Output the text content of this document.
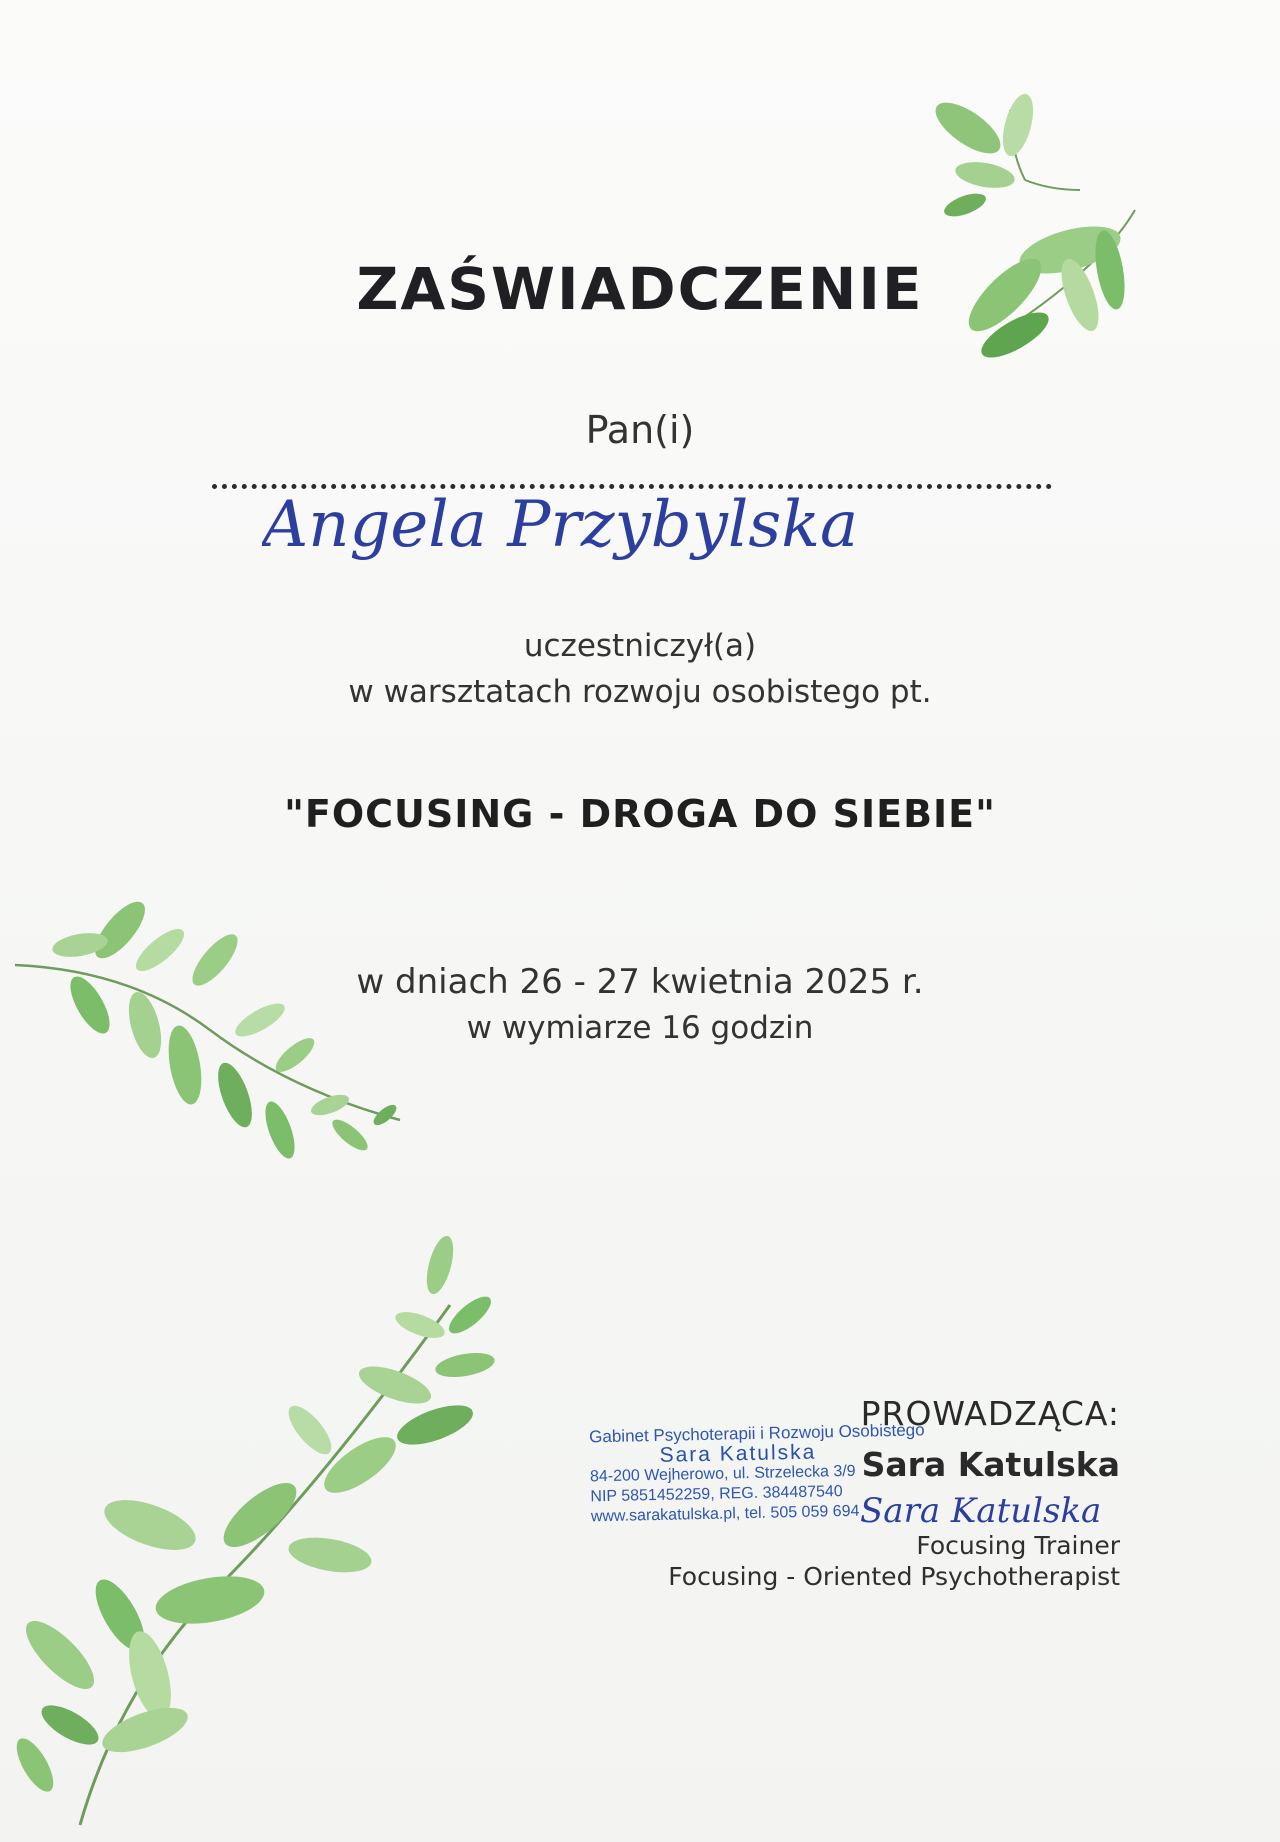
ZAŚWIADCZENIE
Pan(i)
Angela Przybylska
uczestniczył(a)
w warsztatach rozwoju osobistego pt.
"FOCUSING - DROGA DO SIEBIE"
w dniach 26 - 27 kwietnia 2025 r.
w wymiarze 16 godzin
Gabinet Psychoterapii i Rozwoju Osobistego
Sara Katulska
84-200 Wejherowo, ul. Strzelecka 3/9
NIP 5851452259, REG. 384487540
www.sarakatulska.pl, tel. 505 059 694
PROWADZĄCA:
Sara Katulska
Sara Katulska
Focusing Trainer
Focusing - Oriented Psychotherapist
